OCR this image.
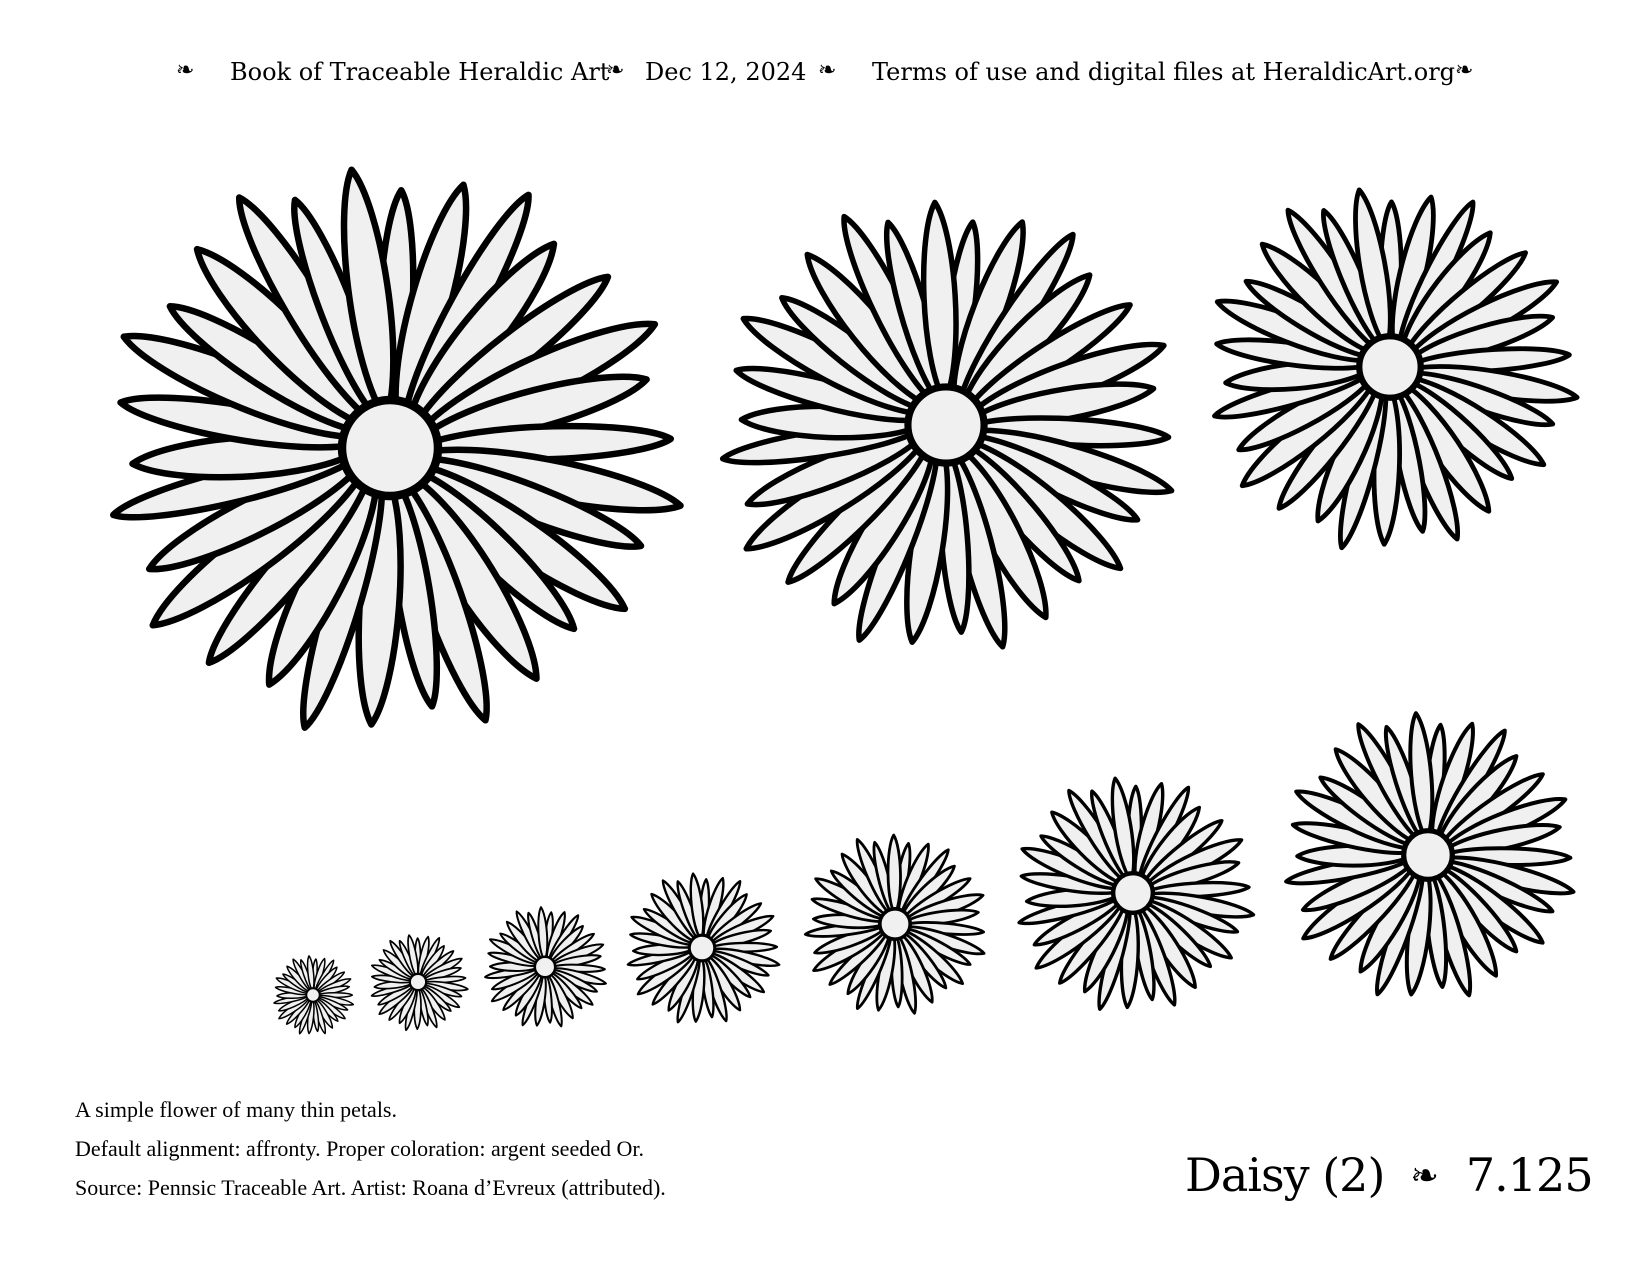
❧ Book of Traceable Heraldic Art
❧ Dec 12, 2024 ❧ Terms of use and digital files at HeraldicArt.org ❧
A simple flower of many thin petals.
Default alignment: affronty. Proper coloration: argent seeded Or.
Source: Pennsic Traceable Art. Artist: Roana d’Evreux (attributed).	Daisy (2) ❧ 7.125
